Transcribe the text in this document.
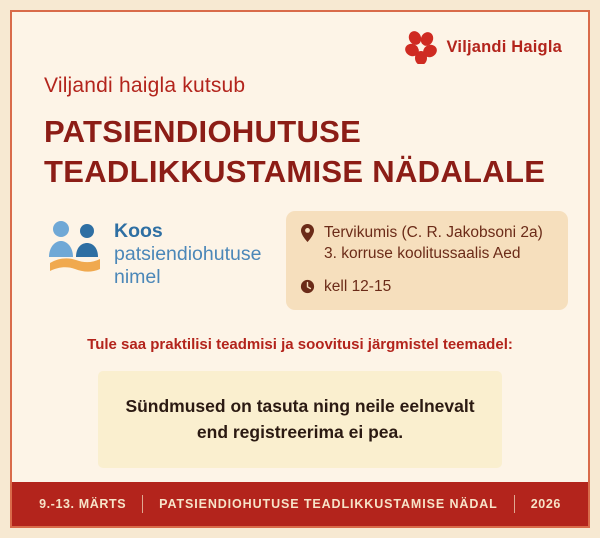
Viljandi Haigla
Viljandi haigla kutsub
PATSIENDIOHUTUSE
TEADLIKKUSTAMISE NÄDALALE
Koos
patsiendiohutuse
nimel
Tervikumis (C. R. Jakobsoni 2a)
3. korruse koolitussaalis Aed
kell 12-15
Tule saa praktilisi teadmisi ja soovitusi järgmistel teemadel:
Sündmused on tasuta ning neile eelnevalt
end registreerima ei pea.
9.-13. MÄRTS	PATSIENDIOHUTUSE TEADLIKKUSTAMISE NÄDAL	2026
